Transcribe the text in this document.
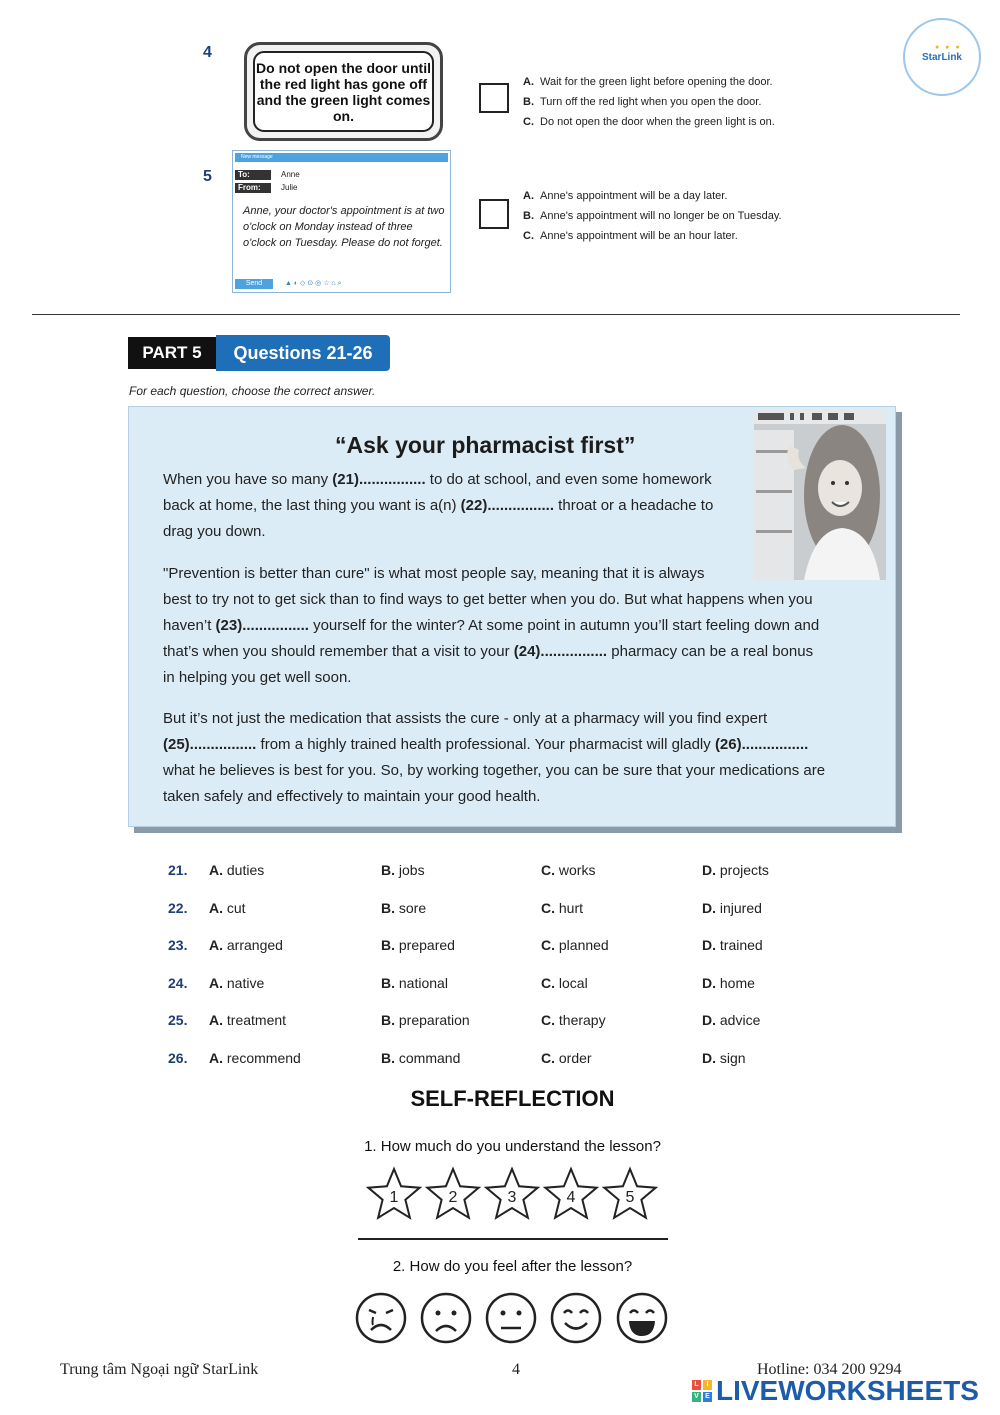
● ● ●
StarLink
4
Do not open the door until the red light has gone off and the green light comes on.
A. Wait for the green light before opening the door.
B. Turn off the red light when you open the door.
C. Do not open the door when the green light is on.
5
New message
To:	Anne
From:	Julie
Anne, your doctor's appointment is at two o'clock on Monday instead of three o'clock on Tuesday. Please do not forget.
Send	▲ ◐ ◇ ⊙ ◎ ☆ ⌂ ⌕
A. Anne's appointment will be a day later.
B. Anne's appointment will no longer be on Tuesday.
C. Anne's appointment will be an hour later.
PART 5	Questions 21-26
For each question, choose the correct answer.
“Ask your pharmacist first”
When you have so many (21)................ to do at school, and even some homework
back at home, the last thing you want is a(n) (22)................ throat or a headache to
drag you down.
"Prevention is better than cure" is what most people say, meaning that it is always
best to try not to get sick than to find ways to get better when you do. But what happens when you
haven’t (23)................ yourself for the winter? At some point in autumn you’ll start feeling down and
that’s when you should remember that a visit to your (24)................ pharmacy can be a real bonus
in helping you get well soon.
But it’s not just the medication that assists the cure - only at a pharmacy will you find expert
(25)................ from a highly trained health professional. Your pharmacist will gladly (26)................
what he believes is best for you. So, by working together, you can be sure that your medications are
taken safely and effectively to maintain your good health.
21. A. duties	B. jobs	C. works	D. projects
22. A. cut	B. sore	C. hurt	D. injured
23. A. arranged	B. prepared	C. planned	D. trained
24. A. native	B. national	C. local	D. home
25. A. treatment	B. preparation	C. therapy	D. advice
26. A. recommend	B. command	C. order	D. sign
SELF-REFLECTION
1. How much do you understand the lesson?
1	2	3	4	5
2. How do you feel after the lesson?
Trung tâm Ngoại ngữ StarLink	4	Hotline: 034 200 9294
L	I
V E LIVEWORKSHEETS
